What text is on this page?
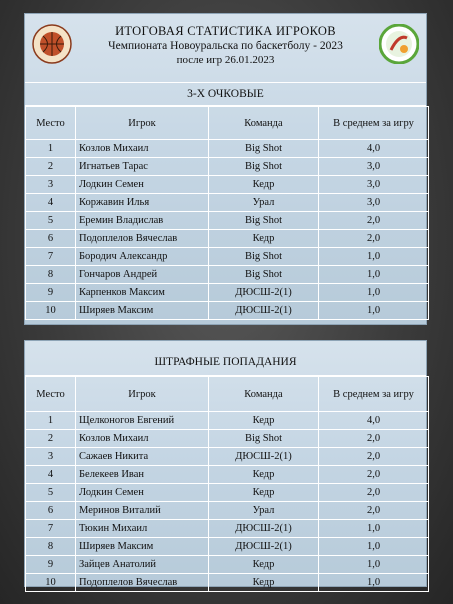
ИТОГОВАЯ СТАТИСТИКА ИГРОКОВ
Чемпионата Новоуральска по баскетболу - 2023
после игр 26.01.2023
3-Х ОЧКОВЫЕ
Место	Игрок	Команда	В среднем за игру
1	Козлов Михаил	Big Shot	4,0
2	Игнатьев Тарас	Big Shot	3,0
3	Лодкин Семен	Кедр	3,0
4	Коржавин Илья	Урал	3,0
5	Еремин Владислав	Big Shot	2,0
6	Подоплелов Вячеслав	Кедр	2,0
7	Бородич Александр	Big Shot	1,0
8	Гончаров Андрей	Big Shot	1,0
9	Карпенков Максим	ДЮСШ-2(1)	1,0
10	Ширяев Максим	ДЮСШ-2(1)	1,0
ШТРАФНЫЕ ПОПАДАНИЯ
Место	Игрок	Команда	В среднем за игру
1	Щелконогов Евгений	Кедр	4,0
2	Козлов Михаил	Big Shot	2,0
3	Сажаев Никита	ДЮСШ-2(1)	2,0
4	Белекеев Иван	Кедр	2,0
5	Лодкин Семен	Кедр	2,0
6	Меринов Виталий	Урал	2,0
7	Тюкин Михаил	ДЮСШ-2(1)	1,0
8	Ширяев Максим	ДЮСШ-2(1)	1,0
9	Зайцев Анатолий	Кедр	1,0
10	Подоплелов Вячеслав	Кедр	1,0
